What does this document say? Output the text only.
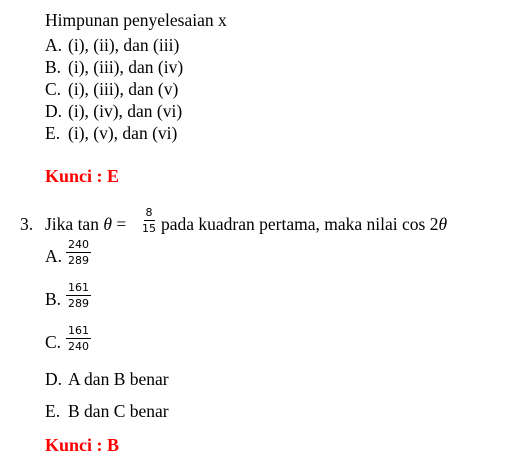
Himpunan penyelesaian x
A. (i), (ii), dan (iii)
B. (i), (iii), dan (iv)
C. (i), (iii), dan (v)
D. (i), (iv), dan (vi)
E. (i), (v), dan (vi)
Kunci : E
3. Jika $\tan \theta = \frac{8}{15}$ pada kuadran pertama, maka nilai cos 2θ
A. $\frac{240}{289}$
B. $\frac{161}{289}$
C. $\frac{161}{240}$
D. A dan B benar
E. B dan C benar
Kunci : B
